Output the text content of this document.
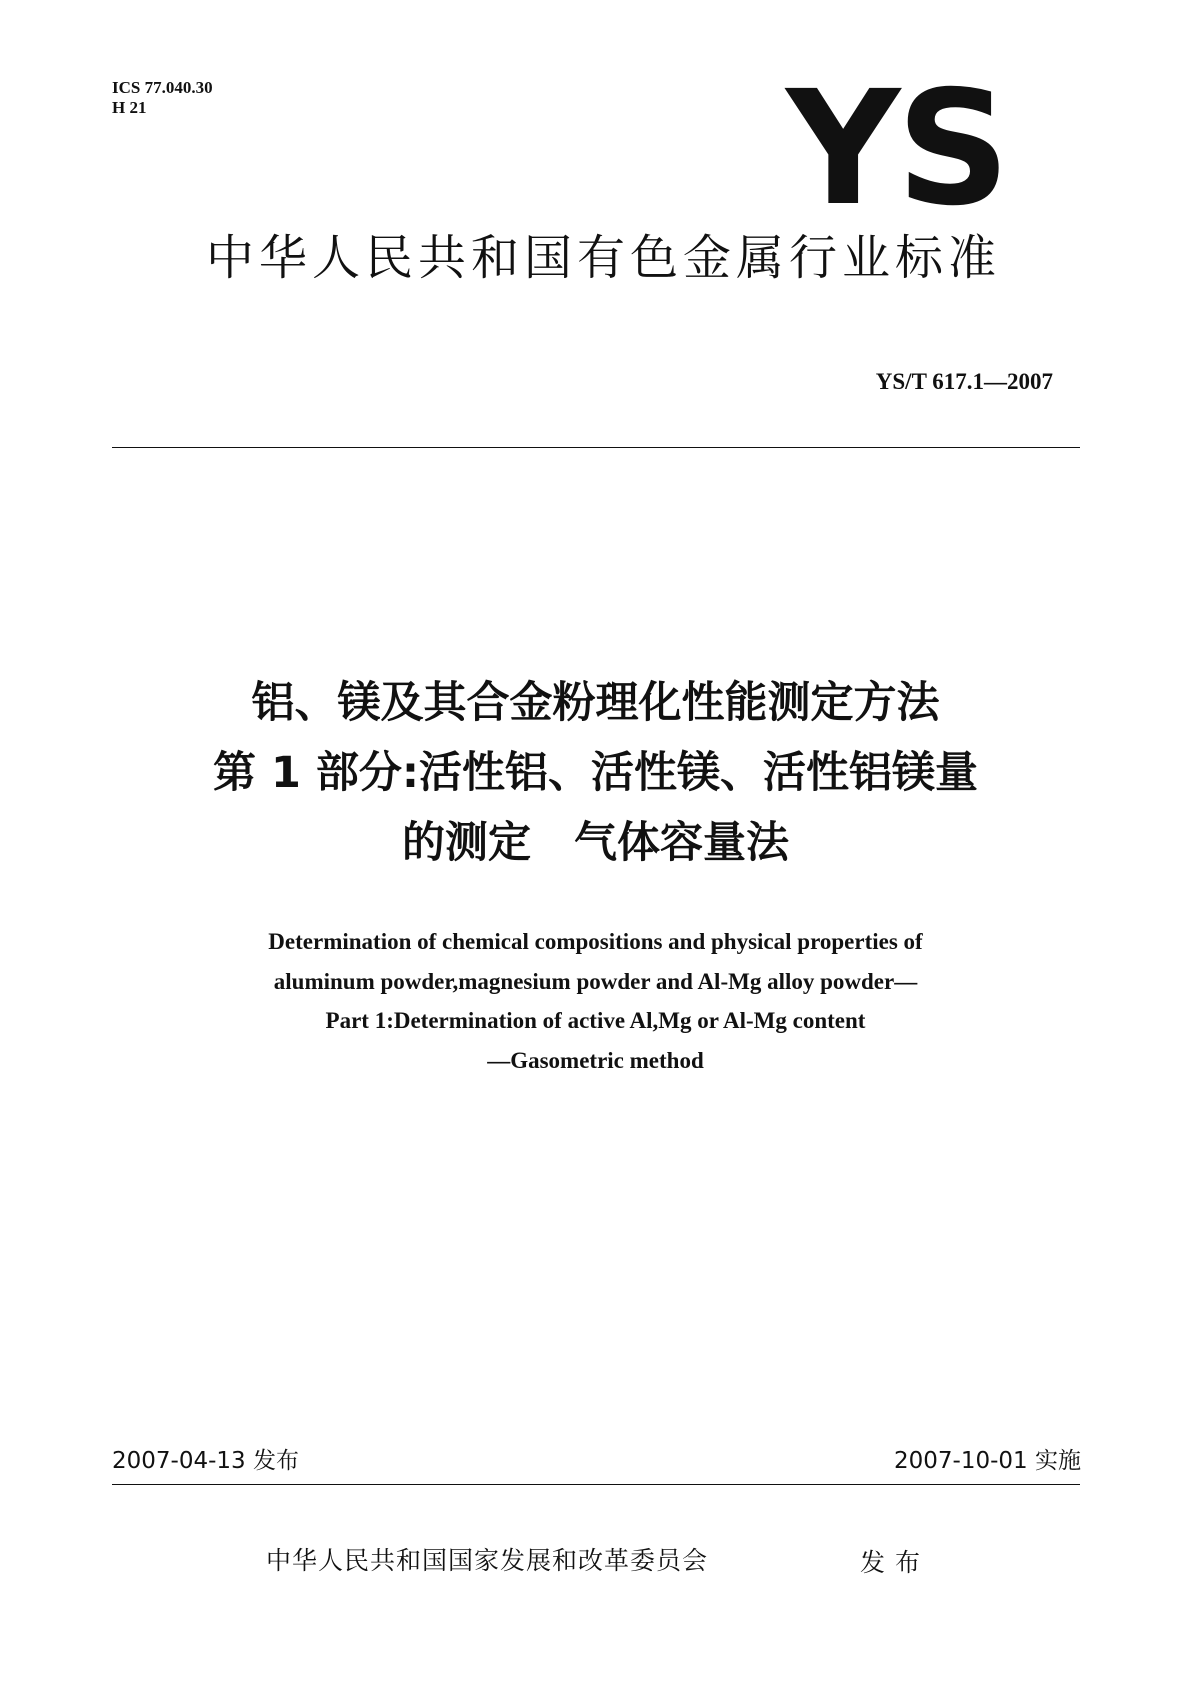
ICS 77.040.30
H 21	YS
中华人民共和国有色金属行业标准
YS/T 617.1—2007
铝、镁及其合金粉理化性能测定方法
第 1 部分:活性铝、活性镁、活性铝镁量
的测定　气体容量法
Determination of chemical compositions and physical properties of
aluminum powder,magnesium powder and Al-Mg alloy powder—
Part 1:Determination of active Al,Mg or Al-Mg content
—Gasometric method
2007-04-13 发布	2007-10-01 实施
中华人民共和国国家发展和改革委员会	发布
